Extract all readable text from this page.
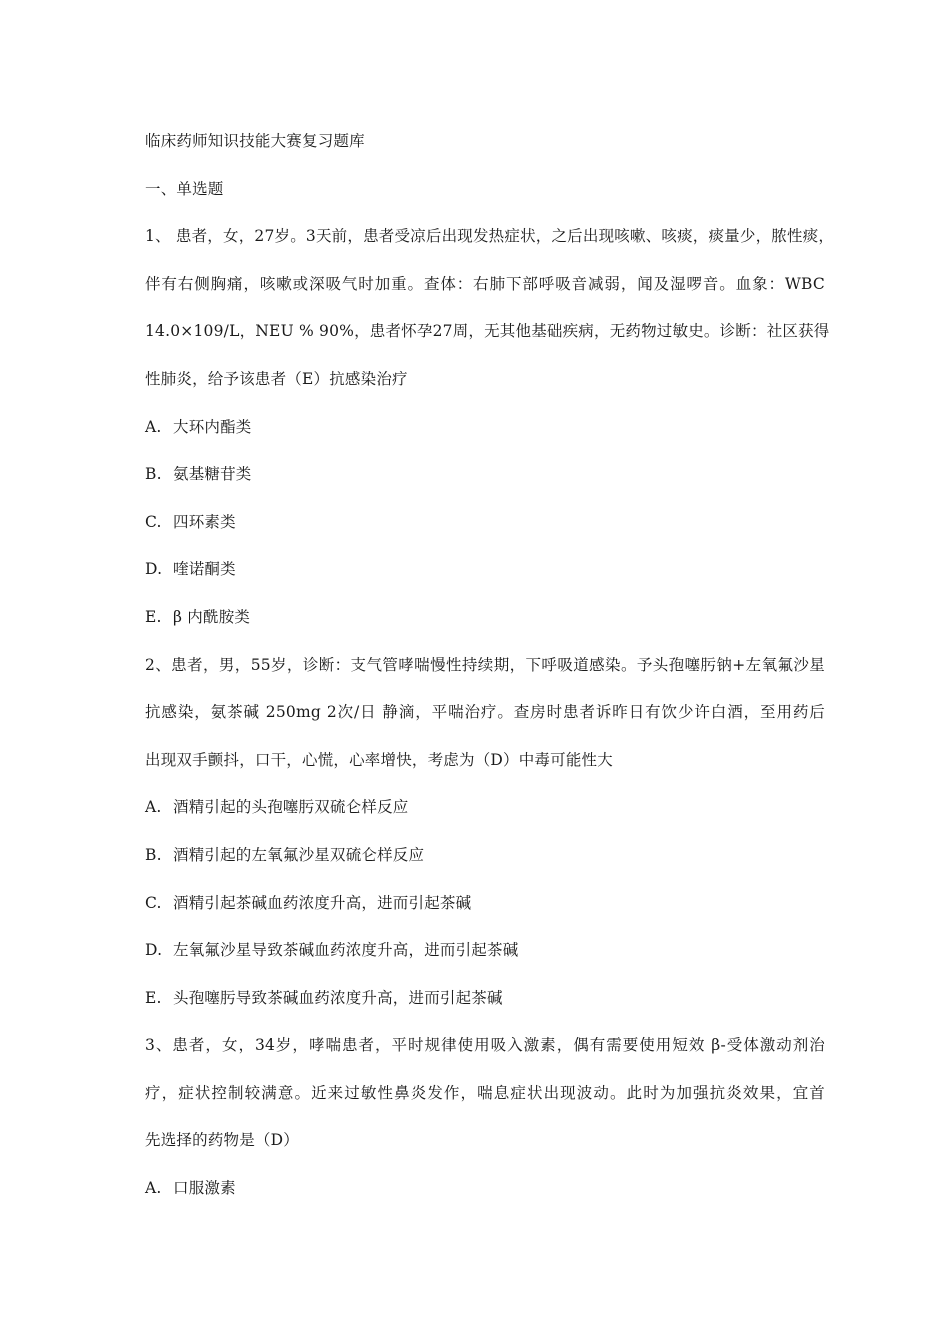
临床药师知识技能大赛复习题库
一、单选题
1、 患者，女，27岁。3天前，患者受凉后出现发热症状，之后出现咳嗽、咳痰，痰量少，脓性痰，
伴有右侧胸痛，咳嗽或深吸气时加重。查体：右肺下部呼吸音减弱，闻及湿啰音。血象：WBC
14.0×109/L，NEU % 90%，患者怀孕27周，无其他基础疾病，无药物过敏史。诊断：社区获得
性肺炎，给予该患者（E）抗感染治疗
A. 大环内酯类
B. 氨基糖苷类
C. 四环素类
D. 喹诺酮类
E. β 内酰胺类
2、患者，男，55岁，诊断：支气管哮喘慢性持续期，下呼吸道感染。予头孢噻肟钠+左氧氟沙星
抗感染，氨茶碱 250mg 2次/日 静滴，平喘治疗。查房时患者诉昨日有饮少许白酒，至用药后
出现双手颤抖，口干，心慌，心率增快，考虑为（D）中毒可能性大
A. 酒精引起的头孢噻肟双硫仑样反应
B. 酒精引起的左氧氟沙星双硫仑样反应
C. 酒精引起茶碱血药浓度升高，进而引起茶碱
D. 左氧氟沙星导致茶碱血药浓度升高，进而引起茶碱
E. 头孢噻肟导致茶碱血药浓度升高，进而引起茶碱
3、患者，女，34岁，哮喘患者，平时规律使用吸入激素，偶有需要使用短效 β-受体激动剂治
疗，症状控制较满意。近来过敏性鼻炎发作，喘息症状出现波动。此时为加强抗炎效果，宜首
先选择的药物是（D）
A. 口服激素
